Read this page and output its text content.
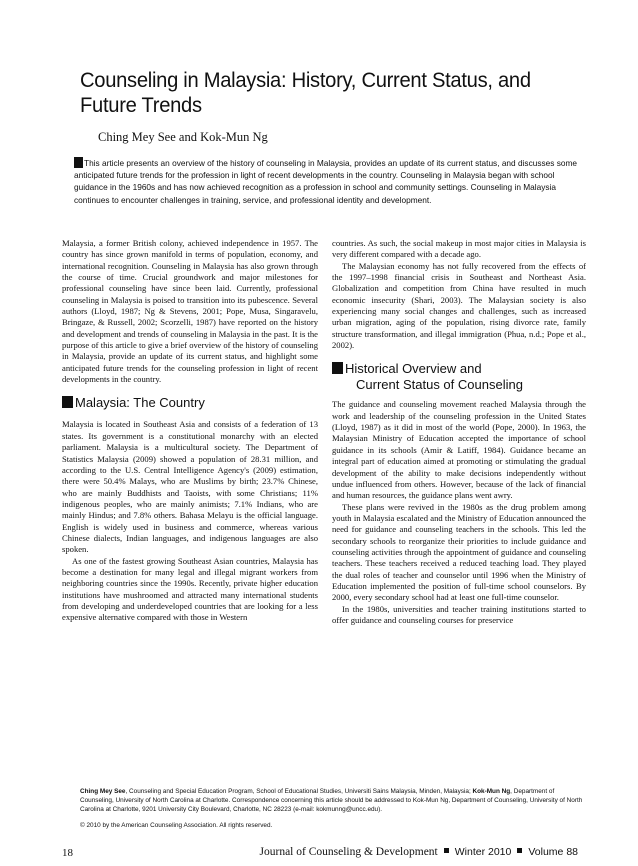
Counseling in Malaysia: History, Current Status, and Future Trends
Ching Mey See and Kok-Mun Ng

This article presents an overview of the history of counseling in Malaysia, provides an update of its current status, and discusses some anticipated future trends for the profession in light of recent developments in the country. Counseling in Malaysia began with school guidance in the 1960s and has now achieved recognition as a profession in school and community settings. Counseling in Malaysia continues to encounter challenges in training, service, and professional identity and development.

Malaysia, a former British colony, achieved independence in 1957. The country has since grown manifold in terms of population, economy, and international recognition. Counseling in Malaysia has also grown through the course of time. Crucial groundwork and major milestones for professional counseling have since been laid. Currently, professional counseling in Malaysia is poised to transition into its pubescence. Several authors (Lloyd, 1987; Ng & Stevens, 2001; Pope, Musa, Singaravelu, Bringaze, & Russell, 2002; Scorzelli, 1987) have reported on the history and development and trends of counseling in Malaysia in the past. It is the purpose of this article to give a brief overview of the history of counseling in Malaysia, provide an update of its current status, and highlight some anticipated future trends for the counseling profession in light of recent developments in the country.

Malaysia: The Country

Malaysia is located in Southeast Asia and consists of a federation of 13 states. Its government is a constitutional monarchy with an elected parliament. Malaysia is a multicultural society. The Department of Statistics Malaysia (2009) showed a population of 28.31 million, and according to the U.S. Central Intelligence Agency's (2009) estimation, there were 50.4% Malays, who are Muslims by birth; 23.7% Chinese, who are mainly Buddhists and Taoists, with some Christians; 11% indigenous peoples, who are mainly animists; 7.1% Indians, who are mainly Hindus; and 7.8% others. Bahasa Melayu is the official language. English is widely used in business and commerce, whereas various Chinese dialects, Indian languages, and indigenous languages are also spoken.

As one of the fastest growing Southeast Asian countries, Malaysia has become a destination for many legal and illegal migrant workers from neighboring countries since the 1990s. Recently, private higher education institutions have mushroomed and attracted many international students from developing and underdeveloped countries that are looking for a less expensive alternative compared with those in Western

countries. As such, the social makeup in most major cities in Malaysia is very different compared with a decade ago.

The Malaysian economy has not fully recovered from the effects of the 1997–1998 financial crisis in Southeast and Northeast Asia. Globalization and competition from China have resulted in much economic insecurity (Shari, 2003). The Malaysian society is also experiencing many social changes and challenges, such as increased urban migration, aging of the population, rising divorce rate, family structure transformation, and illegal immigration (Phua, n.d.; Pope et al., 2002).

Historical Overview and
Current Status of Counseling

The guidance and counseling movement reached Malaysia through the work and leadership of the counseling profession in the United States (Lloyd, 1987) as it did in most of the world (Pope, 2000). In 1963, the Malaysian Ministry of Education accepted the importance of school guidance in its schools (Amir & Latiff, 1984). Guidance became an integral part of education aimed at promoting or stimulating the gradual development of the ability to make decisions independently without undue influenced from others. However, because of the lack of financial and human resources, the guidance plans went awry.

These plans were revived in the 1980s as the drug problem among youth in Malaysia escalated and the Ministry of Education announced the need for guidance and counseling teachers in the schools. This led the secondary schools to reorganize their priorities to include guidance and counseling activities through the appointment of guidance and counseling teachers. These teachers received a reduced teaching load. They played the dual roles of teacher and counselor until 1996 when the Ministry of Education implemented the position of full-time school counselors. By 2000, every secondary school had at least one full-time counselor.

In the 1980s, universities and teacher training institutions started to offer guidance and counseling courses for preservice

Ching Mey See, Counseling and Special Education Program, School of Educational Studies, Universiti Sains Malaysia, Minden, Malaysia; Kok-Mun Ng, Department of Counseling, University of North Carolina at Charlotte. Correspondence concerning this article should be addressed to Kok-Mun Ng, Department of Counseling, University of North Carolina at Charlotte, 9201 University City Boulevard, Charlotte, NC 28223 (e-mail: kokmunng@uncc.edu).

© 2010 by the American Counseling Association. All rights reserved.

18	Journal of Counseling & Development Winter 2010 Volume 88
